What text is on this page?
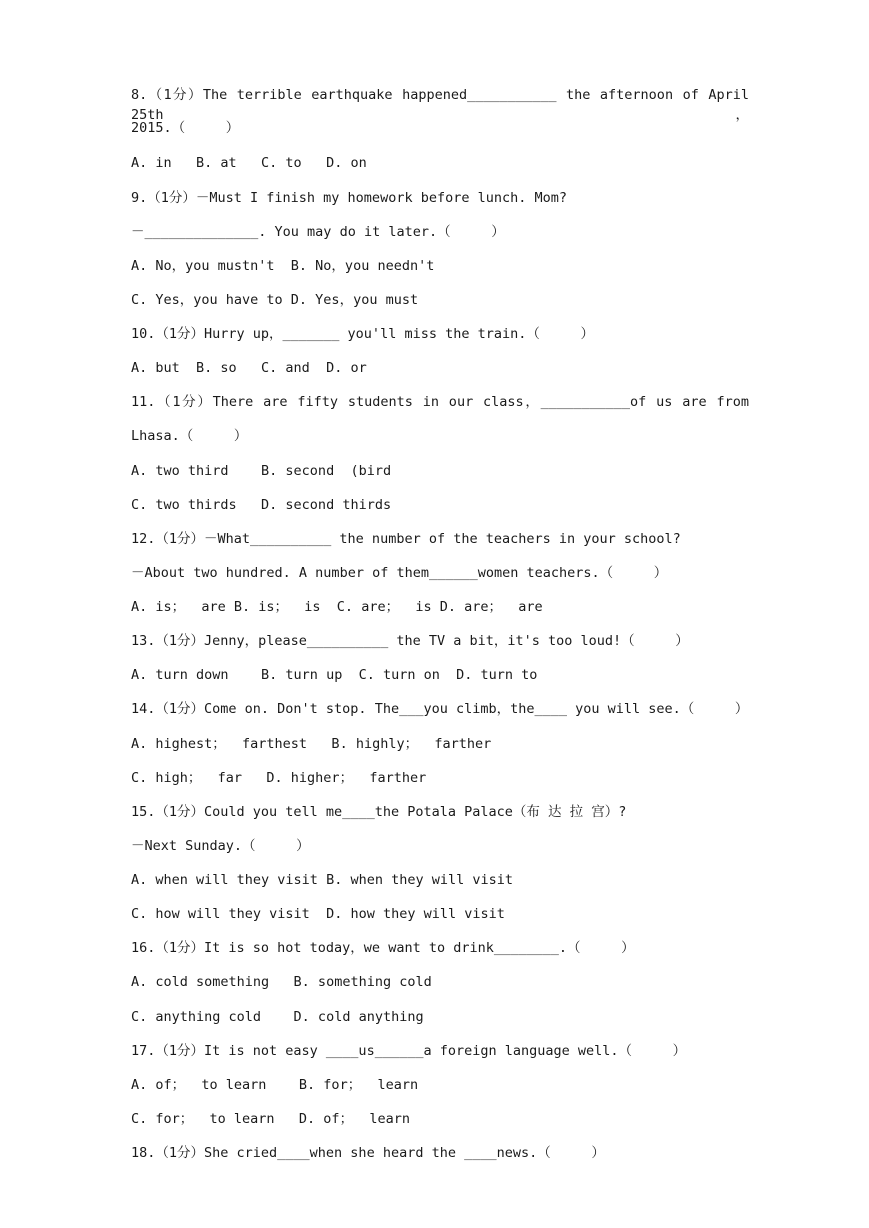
8.（1分）The terrible earthquake happened___________ the afternoon of April 25th，
2015.（     ）
A. in   B. at   C. to   D. on
9.（1分）－Must I finish my homework before lunch. Mom?
－______________. You may do it later.（     ）
A. No，you mustn't  B. No，you needn't
C. Yes，you have to D. Yes，you must
10.（1分）Hurry up，_______ you'll miss the train.（     ）
A. but  B. so   C. and  D. or
11.（1分）There are fifty students in our class，___________of us are from
Lhasa.（     ）
A. two third    B. second  (bird
C. two thirds   D. second thirds
12.（1分）－What__________ the number of the teachers in your school?
－About two hundred. A number of them______women teachers.（     ）
A. is；  are B. is；  is  C. are；  is D. are；  are
13.（1分）Jenny，please__________ the TV a bit，it's too loud!（     ）
A. turn down    B. turn up  C. turn on  D. turn to
14.（1分）Come on. Don't stop. The___you climb，the____ you will see.（     ）
A. highest；  farthest   B. highly；  farther
C. high；  far   D. higher；  farther
15.（1分）Could you tell me____the Potala Palace（布 达 拉 宫）?
－Next Sunday.（     ）
A. when will they visit B. when they will visit
C. how will they visit  D. how they will visit
16.（1分）It is so hot today，we want to drink________.（     ）
A. cold something   B. something cold
C. anything cold    D. cold anything
17.（1分）It is not easy ____us______a foreign language well.（     ）
A. of；  to learn    B. for；  learn
C. for；  to learn   D. of；  learn
18.（1分）She cried____when she heard the ____news.（     ）
